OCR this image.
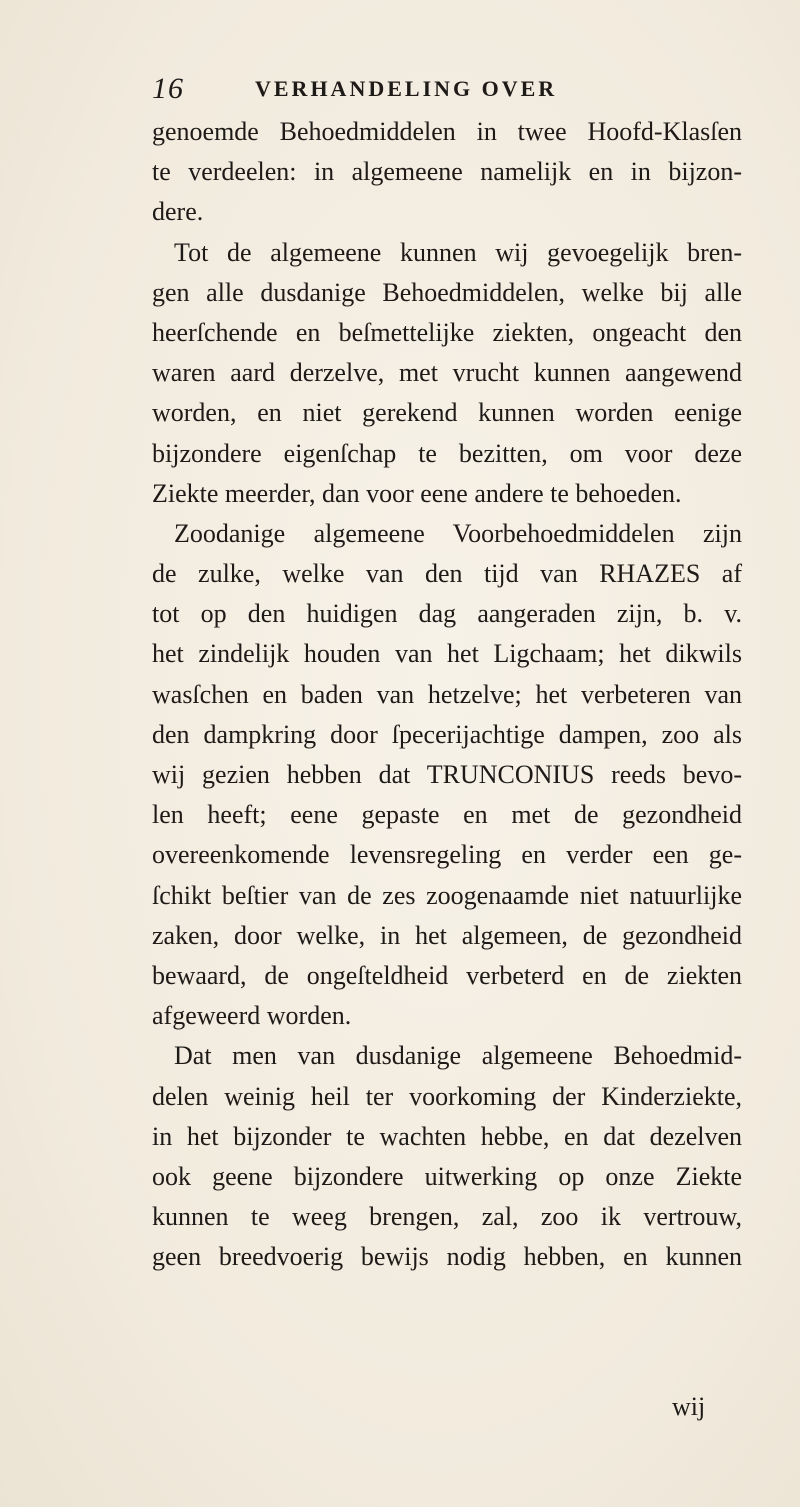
16	VERHANDELING OVER
genoemde Behoedmiddelen in twee Hoofd-Klasſen
te verdeelen: in algemeene namelijk en in bijzon-
dere.
Tot de algemeene kunnen wij gevoegelijk bren-
gen alle dusdanige Behoedmiddelen, welke bij alle
heerſchende en beſmettelijke ziekten, ongeacht den
waren aard derzelve, met vrucht kunnen aangewend
worden, en niet gerekend kunnen worden eenige
bijzondere eigenſchap te bezitten, om voor deze
Ziekte meerder, dan voor eene andere te behoeden.
Zoodanige algemeene Voorbehoedmiddelen zijn
de zulke, welke van den tijd van RHAZES af
tot op den huidigen dag aangeraden zijn, b. v.
het zindelijk houden van het Ligchaam; het dikwils
wasſchen en baden van hetzelve; het verbeteren van
den dampkring door ſpecerijachtige dampen, zoo als
wij gezien hebben dat TRUNCONIUS reeds bevo-
len heeft; eene gepaste en met de gezondheid
overeenkomende levensregeling en verder een ge-
ſchikt beſtier van de zes zoogenaamde niet natuurlijke
zaken, door welke, in het algemeen, de gezondheid
bewaard, de ongeſteldheid verbeterd en de ziekten
afgeweerd worden.
Dat men van dusdanige algemeene Behoedmid-
delen weinig heil ter voorkoming der Kinderziekte,
in het bijzonder te wachten hebbe, en dat dezelven
ook geene bijzondere uitwerking op onze Ziekte
kunnen te weeg brengen, zal, zoo ik vertrouw,
geen breedvoerig bewijs nodig hebben, en kunnen
wij
